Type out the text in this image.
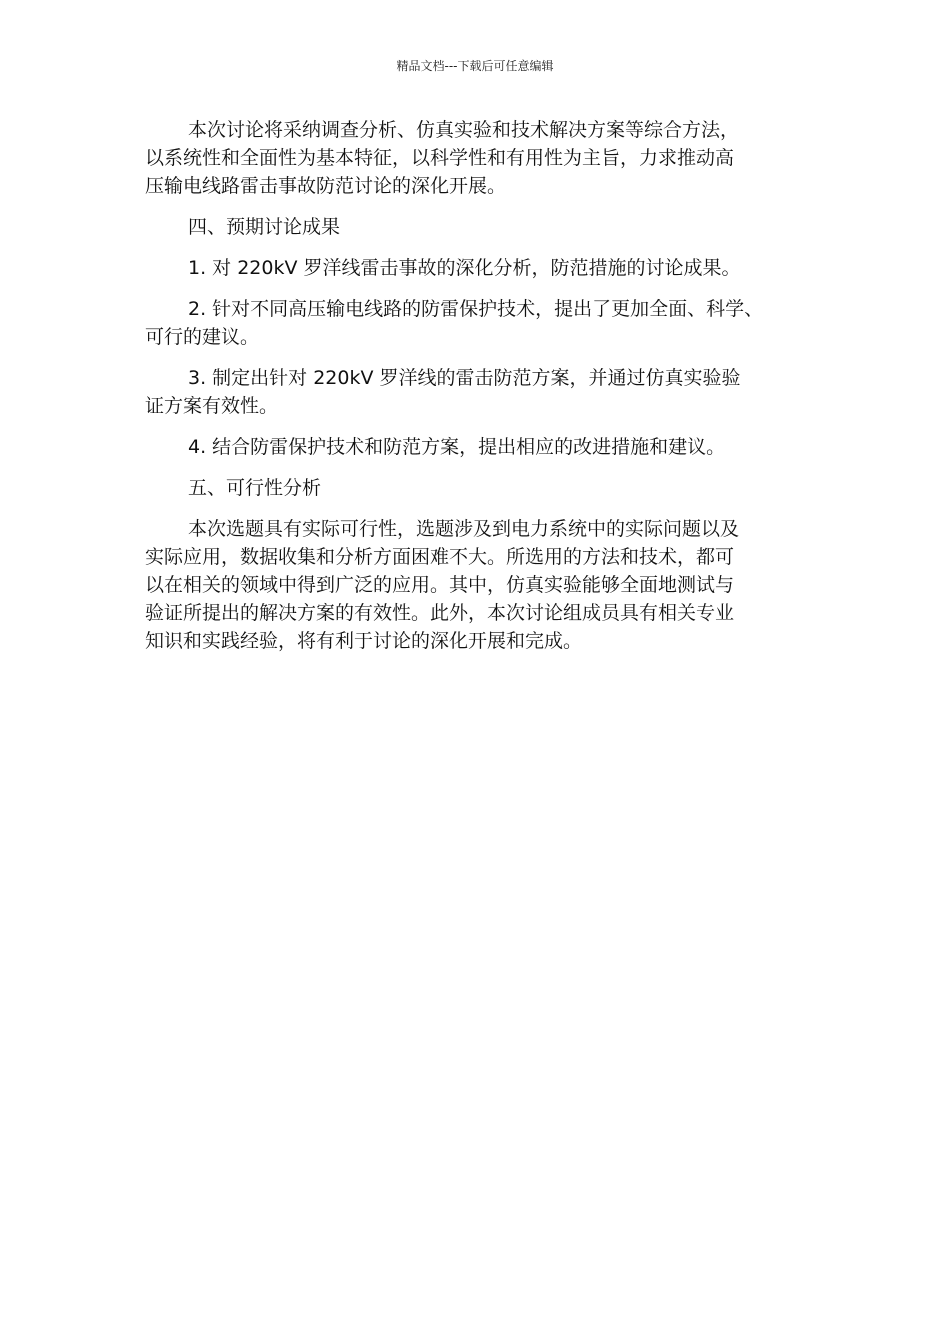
精品文档---下载后可任意编辑
本次讨论将采纳调查分析、仿真实验和技术解决方案等综合方法，
以系统性和全面性为基本特征，以科学性和有用性为主旨，力求推动高
压输电线路雷击事故防范讨论的深化开展。
四、预期讨论成果
1. 对 220kV 罗洋线雷击事故的深化分析，防范措施的讨论成果。
2. 针对不同高压输电线路的防雷保护技术，提出了更加全面、科学、
可行的建议。
3. 制定出针对 220kV 罗洋线的雷击防范方案，并通过仿真实验验
证方案有效性。
4. 结合防雷保护技术和防范方案，提出相应的改进措施和建议。
五、可行性分析
本次选题具有实际可行性，选题涉及到电力系统中的实际问题以及
实际应用，数据收集和分析方面困难不大。所选用的方法和技术，都可
以在相关的领域中得到广泛的应用。其中，仿真实验能够全面地测试与
验证所提出的解决方案的有效性。此外，本次讨论组成员具有相关专业
知识和实践经验，将有利于讨论的深化开展和完成。
